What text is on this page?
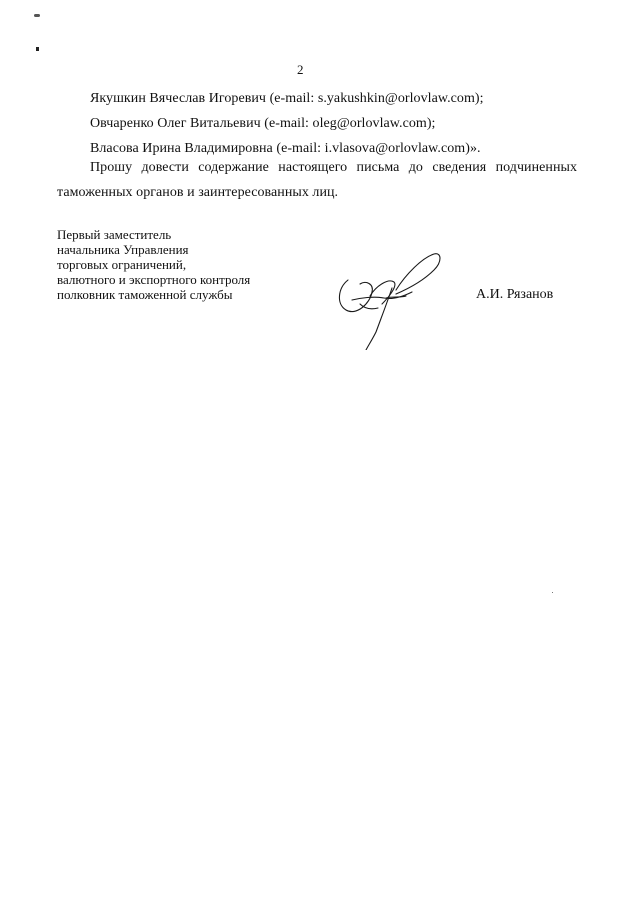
2
Якушкин Вячеслав Игоревич (e-mail: s.yakushkin@orlovlaw.com);
Овчаренко Олег Витальевич (e-mail: oleg@orlovlaw.com);
Власова Ирина Владимировна (e-mail: i.vlasova@orlovlaw.com)».
Прошу довести содержание настоящего письма до сведения подчиненных
таможенных органов и заинтересованных лиц.
Первый заместитель
начальника Управления
торговых ограничений,
валютного и экспортного контроля
полковник таможенной службы	А.И. Рязанов
